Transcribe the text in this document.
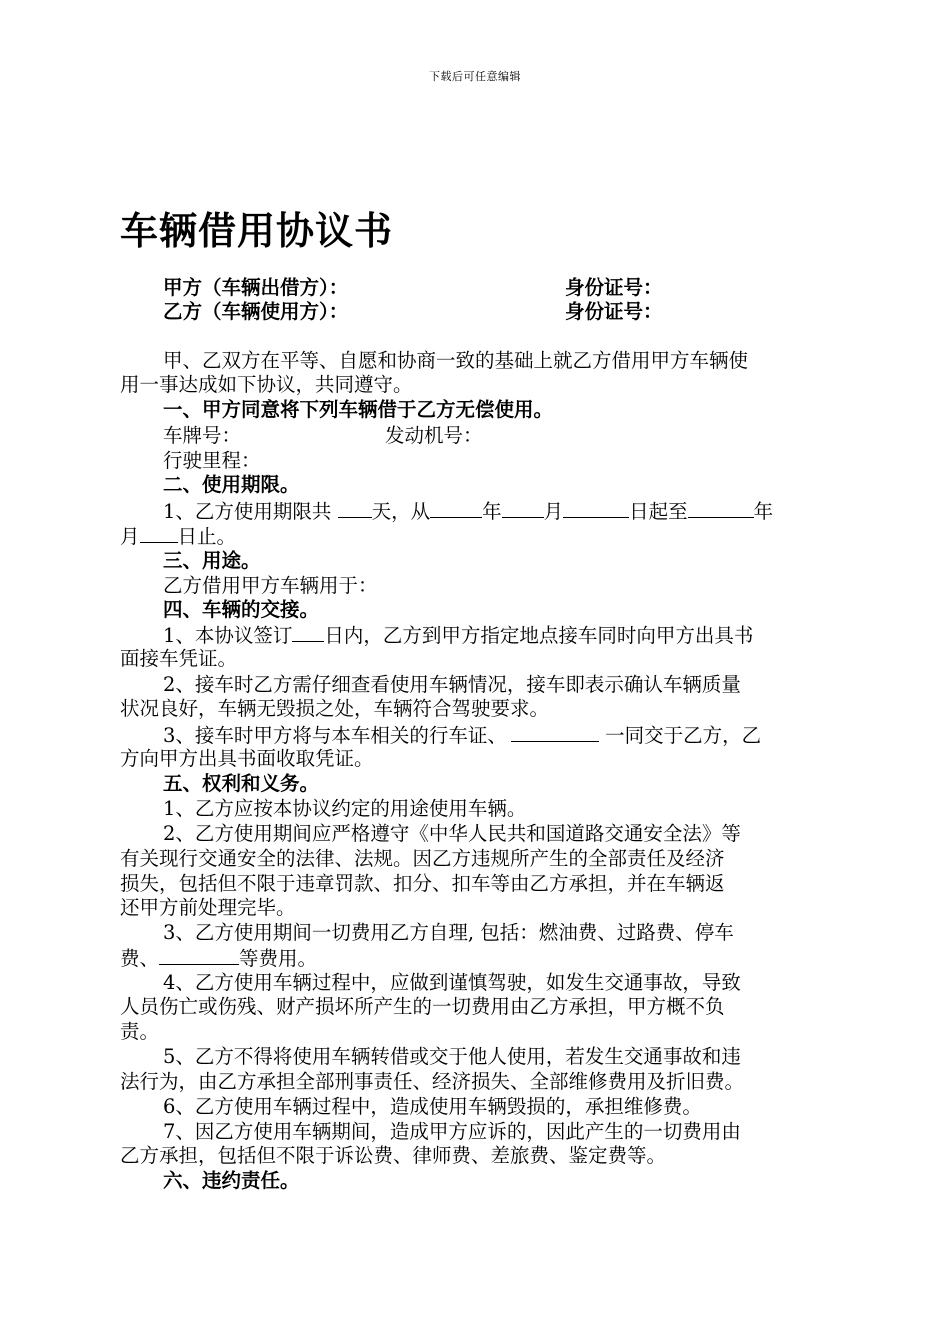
下载后可任意编辑
车辆借用协议书
甲方（车辆出借方）：	身份证号：
乙方（车辆使用方）：	身份证号：
甲、乙双方在平等、自愿和协商一致的基础上就乙方借用甲方车辆使
用一事达成如下协议，共同遵守。
一、甲方同意将下列车辆借于乙方无偿使用。
车牌号：	发动机号：
行驶里程：
二、使用期限。
1、乙方使用期限共 天，从	年 月	日起至	年
月 日止。
三、用途。
乙方借用甲方车辆用于：
四、车辆的交接。
1、本协议签订 日内，乙方到甲方指定地点接车同时向甲方出具书
面接车凭证。
2、接车时乙方需仔细查看使用车辆情况，接车即表示确认车辆质量
状况良好，车辆无毁损之处，车辆符合驾驶要求。
3、接车时甲方将与本车相关的行车证、	一同交于乙方，乙
方向甲方出具书面收取凭证。
五、权利和义务。
1、乙方应按本协议约定的用途使用车辆。
2、乙方使用期间应严格遵守《中华人民共和国道路交通安全法》等
有关现行交通安全的法律、法规。因乙方违规所产生的全部责任及经济
损失，包括但不限于违章罚款、扣分、扣车等由乙方承担，并在车辆返
还甲方前处理完毕。
3、乙方使用期间一切费用乙方自理, 包括：燃油费、过路费、停车
费、	等费用。
4、乙方使用车辆过程中，应做到谨慎驾驶，如发生交通事故，导致
人员伤亡或伤残、财产损坏所产生的一切费用由乙方承担，甲方概不负
责。
5、乙方不得将使用车辆转借或交于他人使用，若发生交通事故和违
法行为，由乙方承担全部刑事责任、经济损失、全部维修费用及折旧费。
6、乙方使用车辆过程中，造成使用车辆毁损的，承担维修费。
7、因乙方使用车辆期间，造成甲方应诉的，因此产生的一切费用由
乙方承担，包括但不限于诉讼费、律师费、差旅费、鉴定费等。
六、违约责任。
